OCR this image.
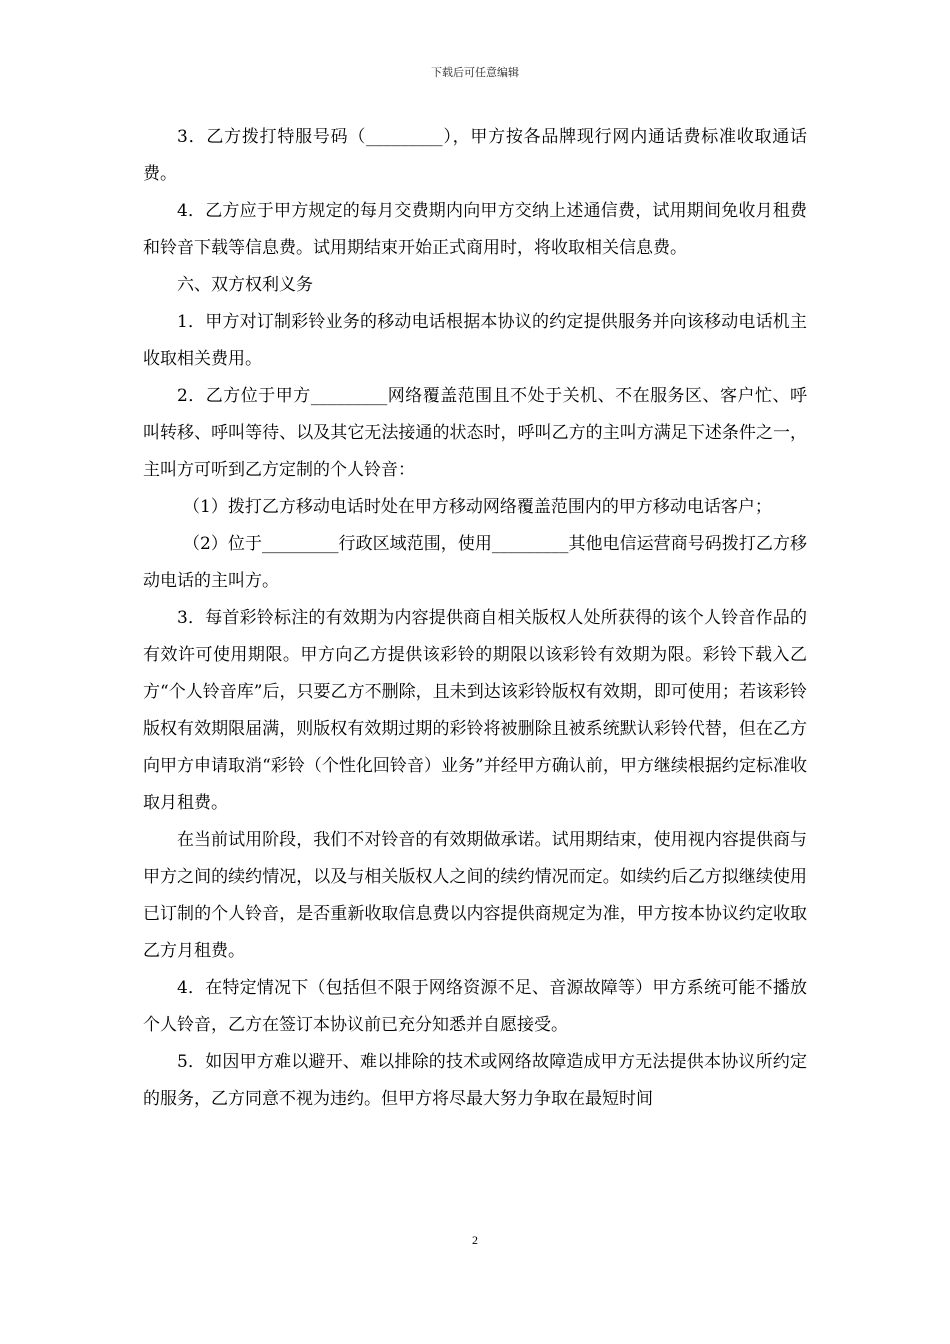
下载后可任意编辑

3．乙方拨打特服号码（_________），甲方按各品牌现行网内通话费标准收取通话费。

4．乙方应于甲方规定的每月交费期内向甲方交纳上述通信费，试用期间免收月租费和铃音下载等信息费。试用期结束开始正式商用时，将收取相关信息费。

六、双方权利义务

1．甲方对订制彩铃业务的移动电话根据本协议的约定提供服务并向该移动电话机主收取相关费用。

2．乙方位于甲方_________网络覆盖范围且不处于关机、不在服务区、客户忙、呼叫转移、呼叫等待、以及其它无法接通的状态时，呼叫乙方的主叫方满足下述条件之一，主叫方可听到乙方定制的个人铃音：

（1）拨打乙方移动电话时处在甲方移动网络覆盖范围内的甲方移动电话客户；

（2）位于_________行政区域范围，使用_________其他电信运营商号码拨打乙方移动电话的主叫方。

3．每首彩铃标注的有效期为内容提供商自相关版权人处所获得的该个人铃音作品的有效许可使用期限。甲方向乙方提供该彩铃的期限以该彩铃有效期为限。彩铃下载入乙方“个人铃音库”后，只要乙方不删除，且未到达该彩铃版权有效期，即可使用；若该彩铃版权有效期限届满，则版权有效期过期的彩铃将被删除且被系统默认彩铃代替，但在乙方向甲方申请取消“彩铃（个性化回铃音）业务”并经甲方确认前，甲方继续根据约定标准收取月租费。

在当前试用阶段，我们不对铃音的有效期做承诺。试用期结束，使用视内容提供商与甲方之间的续约情况，以及与相关版权人之间的续约情况而定。如续约后乙方拟继续使用已订制的个人铃音，是否重新收取信息费以内容提供商规定为准，甲方按本协议约定收取乙方月租费。

4．在特定情况下（包括但不限于网络资源不足、音源故障等）甲方系统可能不播放个人铃音，乙方在签订本协议前已充分知悉并自愿接受。

5．如因甲方难以避开、难以排除的技术或网络故障造成甲方无法提供本协议所约定的服务，乙方同意不视为违约。但甲方将尽最大努力争取在最短时间

2
